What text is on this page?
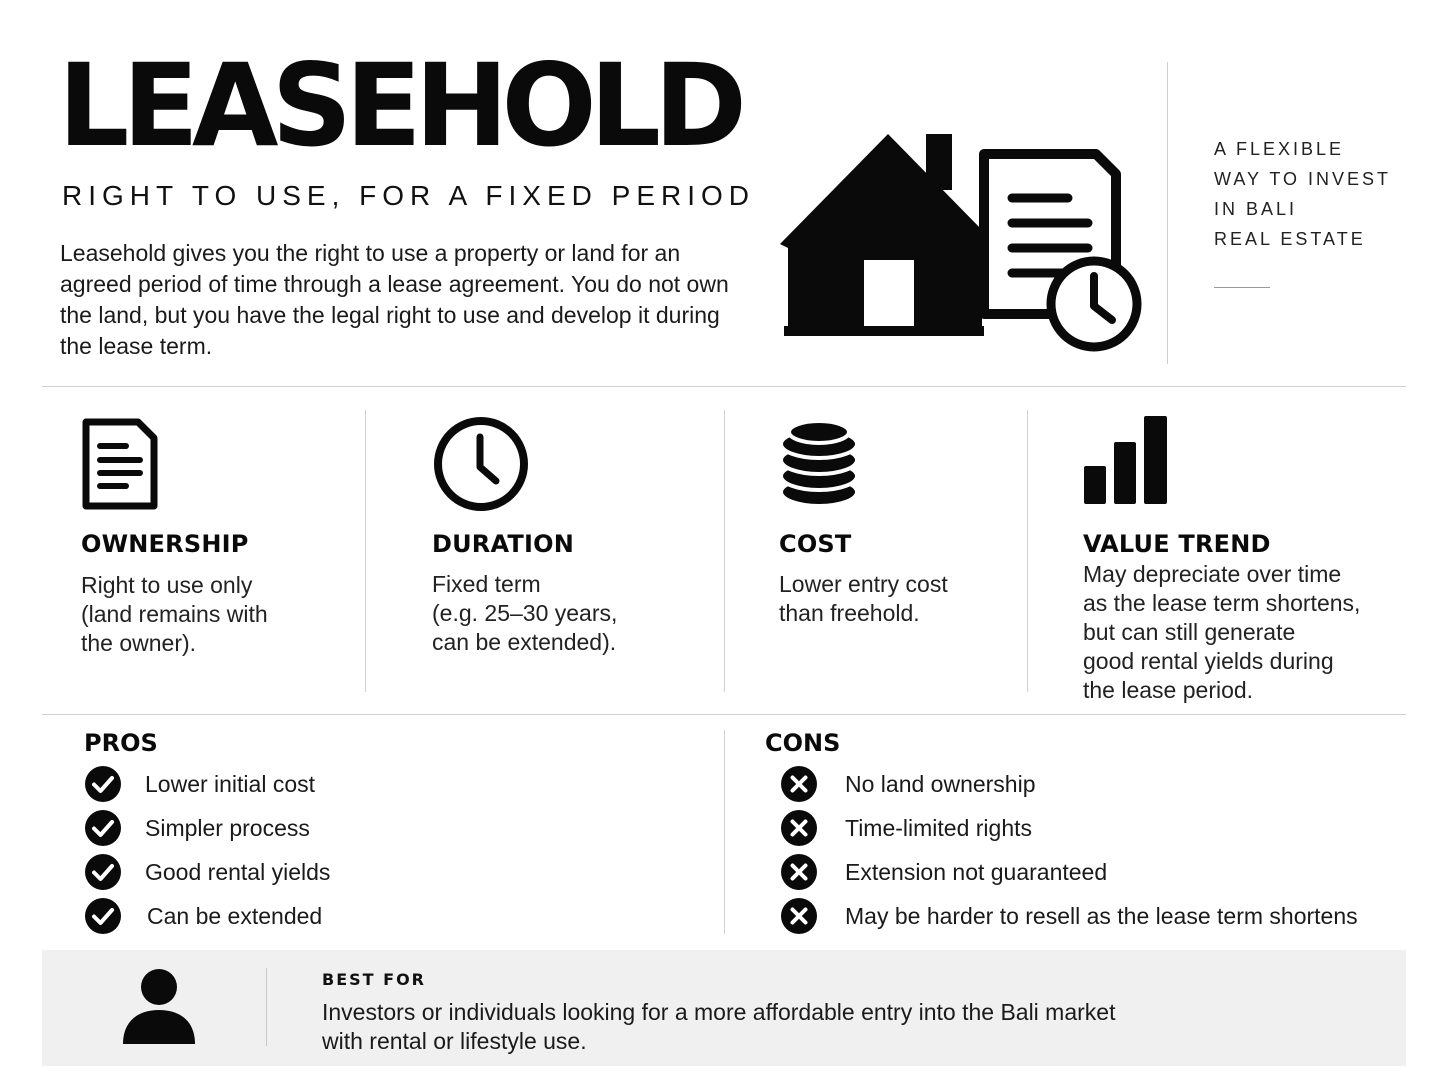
LEASEHOLD
RIGHT TO USE, FOR A FIXED PERIOD
Leasehold gives you the right to use a property or land for an agreed period of time through a lease agreement. You do not own the land, but you have the legal right to use and develop it during the lease term.
A FLEXIBLE
WAY TO INVEST
IN BALI
REAL ESTATE
OWNERSHIP
Right to use only
(land remains with
the owner).
DURATION
Fixed term
(e.g. 25–30 years,
can be extended).
COST
Lower entry cost
than freehold.
VALUE TREND
May depreciate over time
as the lease term shortens,
but can still generate
good rental yields during
the lease period.
PROS
Lower initial cost
Simpler process
Good rental yields
Can be extended
CONS
No land ownership
Time-limited rights
Extension not guaranteed
May be harder to resell as the lease term shortens
BEST FOR
Investors or individuals looking for a more affordable entry into the Bali market
with rental or lifestyle use.
